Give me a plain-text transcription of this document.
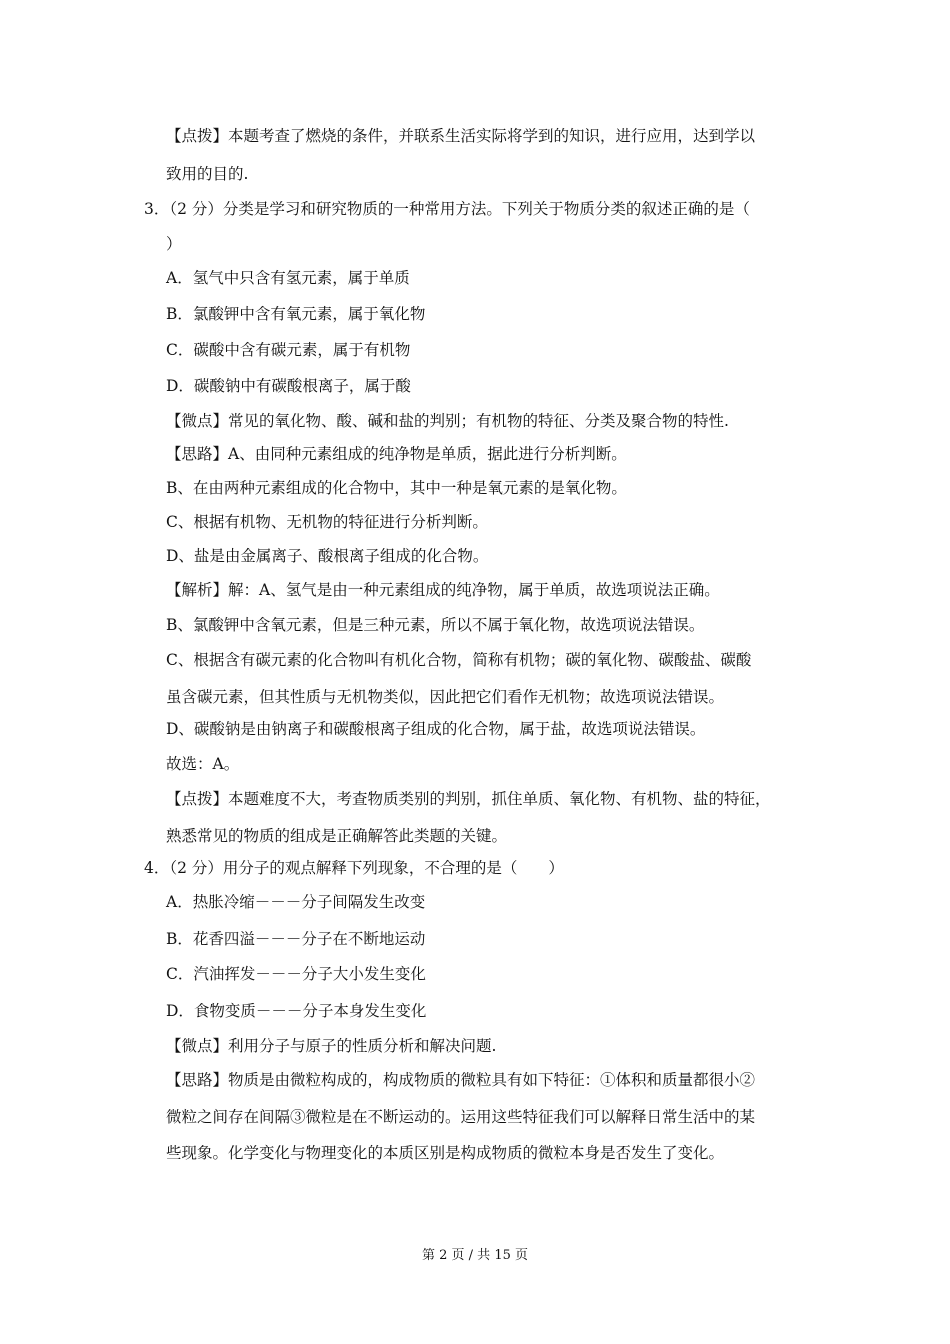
【点拨】本题考查了燃烧的条件，并联系生活实际将学到的知识，进行应用，达到学以
致用的目的.
3．（2 分）分类是学习和研究物质的一种常用方法。下列关于物质分类的叙述正确的是（
）
A．氢气中只含有氢元素，属于单质
B．氯酸钾中含有氧元素，属于氧化物
C．碳酸中含有碳元素，属于有机物
D．碳酸钠中有碳酸根离子，属于酸
【微点】常见的氧化物、酸、碱和盐的判别；有机物的特征、分类及聚合物的特性.
【思路】A、由同种元素组成的纯净物是单质，据此进行分析判断。
B、在由两种元素组成的化合物中，其中一种是氧元素的是氧化物。
C、根据有机物、无机物的特征进行分析判断。
D、盐是由金属离子、酸根离子组成的化合物。
【解析】解：A、氢气是由一种元素组成的纯净物，属于单质，故选项说法正确。
B、氯酸钾中含氧元素，但是三种元素，所以不属于氧化物，故选项说法错误。
C、根据含有碳元素的化合物叫有机化合物，简称有机物；碳的氧化物、碳酸盐、碳酸
虽含碳元素，但其性质与无机物类似，因此把它们看作无机物；故选项说法错误。
D、碳酸钠是由钠离子和碳酸根离子组成的化合物，属于盐，故选项说法错误。
故选：A。
【点拨】本题难度不大，考查物质类别的判别，抓住单质、氧化物、有机物、盐的特征，
熟悉常见的物质的组成是正确解答此类题的关键。
4．（2 分）用分子的观点解释下列现象，不合理的是（　　）
A．热胀冷缩－－－分子间隔发生改变
B．花香四溢－－－分子在不断地运动
C．汽油挥发－－－分子大小发生变化
D．食物变质－－－分子本身发生变化
【微点】利用分子与原子的性质分析和解决问题.
【思路】物质是由微粒构成的，构成物质的微粒具有如下特征：①体积和质量都很小②
微粒之间存在间隔③微粒是在不断运动的。运用这些特征我们可以解释日常生活中的某
些现象。化学变化与物理变化的本质区别是构成物质的微粒本身是否发生了变化。
第 2 页 / 共 15 页
